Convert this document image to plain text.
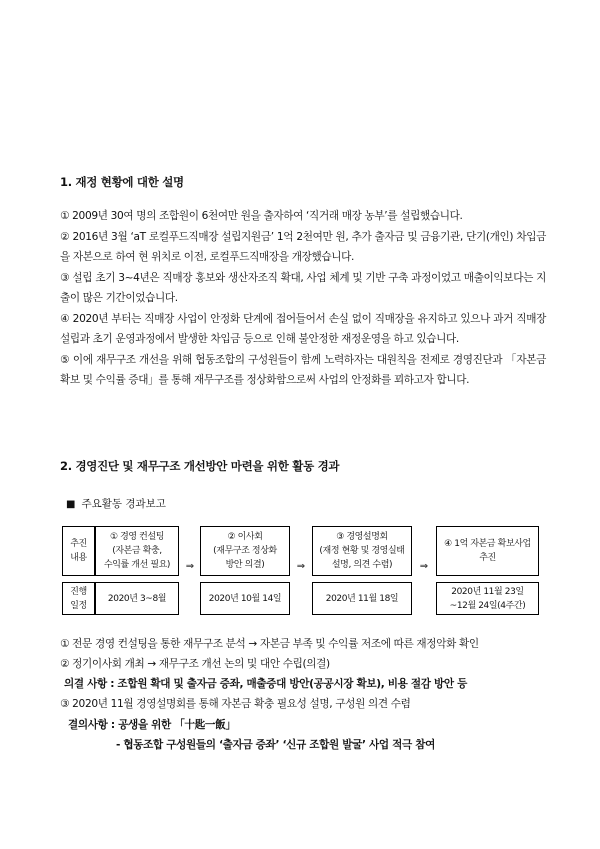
1. 재정 현황에 대한 설명

① 2009년 30여 명의 조합원이 6천여만 원을 출자하여 ‘직거래 매장 농부’를 설립했습니다.

② 2016년 3월 ‘aT 로컬푸드직매장 설립지원금’ 1억 2천여만 원, 추가 출자금 및 금융기관, 단기(개인) 차입금을 자본으로 하여 현 위치로 이전, 로컬푸드직매장을 개장했습니다.

③ 설립 초기 3~4년은 직매장 홍보와 생산자조직 확대, 사업 체계 및 기반 구축 과정이었고 매출이익보다는 지출이 많은 기간이었습니다.

④ 2020년 부터는 직매장 사업이 안정화 단계에 접어들어서 손실 없이 직매장을 유지하고 있으나 과거 직매장 설립과 초기 운영과정에서 발생한 차입금 등으로 인해 불안정한 재정운영을 하고 있습니다.

⑤ 이에 재무구조 개선을 위해 협동조합의 구성원들이 함께 노력하자는 대원칙을 전제로 경영진단과 「자본금 확보 및 수익률 증대」를 통해 재무구조를 정상화함으로써 사업의 안정화를 꾀하고자 합니다.

2. 경영진단 및 재무구조 개선방안 마련을 위한 활동 경과
■ 주요활동 경과보고
추진
내용
진행
일정
① 경영 컨설팅
(자본금 확충,
수익률 개선 필요)
2020년 3~8월
⇒
② 이사회
(재무구조 정상화
방안 의결)
2020년 10월 14일
⇒
③ 경영설명회
(재정 현황 및 경영실태
설명, 의견 수렴)
2020년 11월 18일
⇒
④ 1억 자본금 확보사업
추진
2020년 11월 23일
~12월 24일(4주간)
① 전문 경영 컨설팅을 통한 재무구조 분석 → 자본금 부족 및 수익률 저조에 따른 재정악화 확인
② 정기이사회 개최 → 재무구조 개선 논의 및 대안 수립(의결)
의결 사항 : 조합원 확대 및 출자금 증좌, 매출증대 방안(공공시장 확보), 비용 절감 방안 등
③ 2020년 11월 경영설명회를 통해 자본금 확충 필요성 설명, 구성원 의견 수렴
결의사항 : 공생을 위한 「十匙一飯」
- 협동조합 구성원들의 ‘출자금 증좌’ ‘신규 조합원 발굴’ 사업 적극 참여
